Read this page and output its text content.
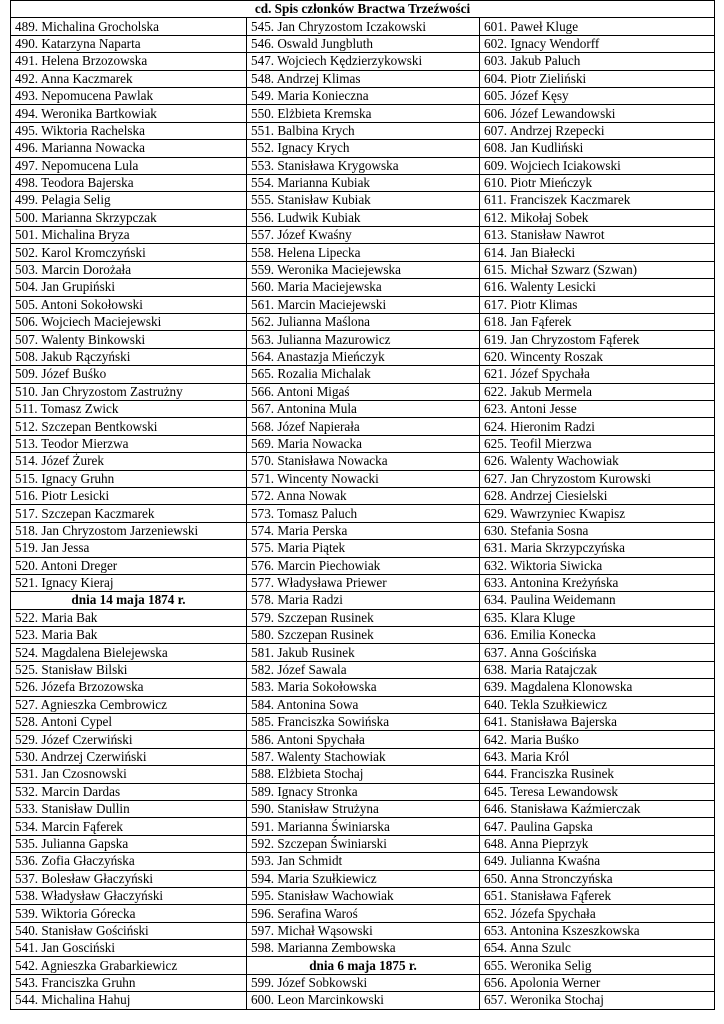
cd. Spis członków Bractwa Trzeźwości		
489. Michalina Grocholska	545. Jan Chryzostom Iczakowski	601. Paweł Kluge
490. Katarzyna Naparta	546. Oswald Jungbluth	602. Ignacy Wendorff
491. Helena Brzozowska	547. Wojciech Kędzierzykowski	603. Jakub Paluch
492. Anna Kaczmarek	548. Andrzej Klimas	604. Piotr Zieliński
493. Nepomucena Pawlak	549. Maria Konieczna	605. Józef Kęsy
494. Weronika Bartkowiak	550. Elżbieta Kremska	606. Józef Lewandowski
495. Wiktoria Rachelska	551. Balbina Krych	607. Andrzej Rzepecki
496. Marianna Nowacka	552. Ignacy Krych	608. Jan Kudliński
497. Nepomucena Lula	553. Stanisława Krygowska	609. Wojciech Iciakowski
498. Teodora Bajerska	554. Marianna Kubiak	610. Piotr Mieńczyk
499. Pelagia Selig	555. Stanisław Kubiak	611. Franciszek Kaczmarek
500. Marianna Skrzypczak	556. Ludwik Kubiak	612. Mikołaj Sobek
501. Michalina Bryza	557. Józef Kwaśny	613. Stanisław Nawrot
502. Karol Kromczyński	558. Helena Lipecka	614. Jan Białecki
503. Marcin Dorożała	559. Weronika Maciejewska	615. Michał Szwarz (Szwan)
504. Jan Grupiński	560. Maria Maciejewska	616. Walenty Lesicki
505. Antoni Sokołowski	561. Marcin Maciejewski	617. Piotr Klimas
506. Wojciech Maciejewski	562. Julianna Maślona	618. Jan Fąferek
507. Walenty Binkowski	563. Julianna Mazurowicz	619. Jan Chryzostom Fąferek
508. Jakub Rączyński	564. Anastazja Mieńczyk	620. Wincenty Roszak
509. Józef Buśko	565. Rozalia Michalak	621. Józef Spychała
510. Jan Chryzostom Zastrużny	566. Antoni Migaś	622. Jakub Mermela
511. Tomasz Zwick	567. Antonina Mula	623. Antoni Jesse
512. Szczepan Bentkowski	568. Józef Napierała	624. Hieronim Radzi
513. Teodor Mierzwa	569. Maria Nowacka	625. Teofil Mierzwa
514. Józef Żurek	570. Stanisława Nowacka	626. Walenty Wachowiak
515. Ignacy Gruhn	571. Wincenty Nowacki	627. Jan Chryzostom Kurowski
516. Piotr Lesicki	572. Anna Nowak	628. Andrzej Ciesielski
517. Szczepan Kaczmarek	573. Tomasz Paluch	629. Wawrzyniec Kwapisz
518. Jan Chryzostom Jarzeniewski	574. Maria Perska	630. Stefania Sosna
519. Jan Jessa	575. Maria Piątek	631. Maria Skrzypczyńska
520. Antoni Dreger	576. Marcin Piechowiak	632. Wiktoria Siwicka
521. Ignacy Kieraj	577. Władysława Priewer	633. Antonina Kreżyńska
dnia 14 maja 1874 r.	578. Maria Radzi	634. Paulina Weidemann
522. Maria Bak	579. Szczepan Rusinek	635. Klara Kluge
523. Maria Bak	580. Szczepan Rusinek	636. Emilia Konecka
524. Magdalena Bielejewska	581. Jakub Rusinek	637. Anna Gościńska
525. Stanisław Bilski	582. Józef Sawala	638. Maria Ratajczak
526. Józefa Brzozowska	583. Maria Sokołowska	639. Magdalena Klonowska
527. Agnieszka Cembrowicz	584. Antonina Sowa	640. Tekla Szułkiewicz
528. Antoni Cypel	585. Franciszka Sowińska	641. Stanisława Bajerska
529. Józef Czerwiński	586. Antoni Spychała	642. Maria Buśko
530. Andrzej Czerwiński	587. Walenty Stachowiak	643. Maria Król
531. Jan Czosnowski	588. Elżbieta Stochaj	644. Franciszka Rusinek
532. Marcin Dardas	589. Ignacy Stronka	645. Teresa Lewandowsk
533. Stanisław Dullin	590. Stanisław Strużyna	646. Stanisława Kaźmierczak
534. Marcin Fąferek	591. Marianna Świniarska	647. Paulina Gapska
535. Julianna Gapska	592. Szczepan Świniarski	648. Anna Pieprzyk
536. Zofia Głaczyńska	593. Jan Schmidt	649. Julianna Kwaśna
537. Bolesław Głaczyński	594. Maria Szułkiewicz	650. Anna Stronczyńska
538. Władysław Głaczyński	595. Stanisław Wachowiak	651. Stanisława Fąferek
539. Wiktoria Górecka	596. Serafina Waroś	652. Józefa Spychała
540. Stanisław Gościński	597. Michał Wąsowski	653. Antonina Kszeszkowska
541. Jan Gosciński	598. Marianna Zembowska	654. Anna Szulc
542. Agnieszka Grabarkiewicz	dnia 6 maja 1875 r.	655. Weronika Selig
543. Franciszka Gruhn	599. Józef Sobkowski	656. Apolonia Werner
544. Michalina Hahuj	600. Leon Marcinkowski	657. Weronika Stochaj
